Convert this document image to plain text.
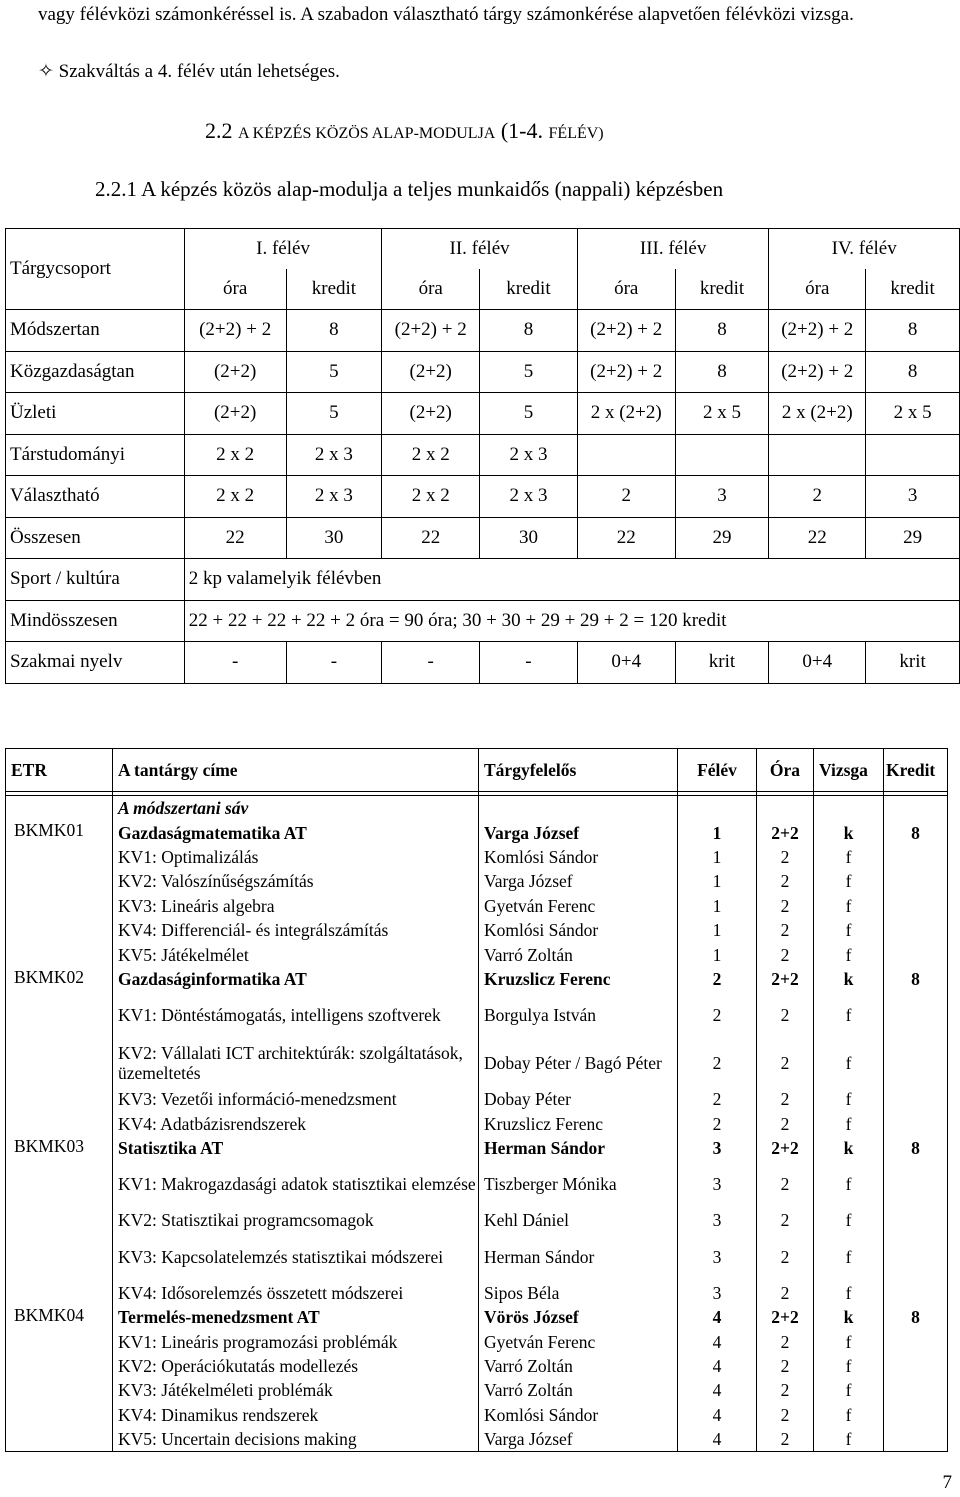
vagy félévközi számonkéréssel is. A szabadon választható tárgy számonkérése alapvetően félévközi vizsga.
✧ Szakváltás a 4. félév után lehetséges.
2.2 A KÉPZÉS KÖZÖS ALAP-MODULJA (1-4. FÉLÉV)
2.2.1 A képzés közös alap-modulja a teljes munkaidős (nappali) képzésben
Tárgycsoport	I. félév		II. félév		III. félév		IV. félév	
	óra	kredit	óra	kredit	óra	kredit	óra	kredit
Módszertan	(2+2) + 2	8	(2+2) + 2	8	(2+2) + 2	8	(2+2) + 2	8
Közgazdaságtan	(2+2)	5	(2+2)	5	(2+2) + 2	8	(2+2) + 2	8
Üzleti	(2+2)	5	(2+2)	5	2 x (2+2)	2 x 5	2 x (2+2)	2 x 5
Társtudományi	2 x 2	2 x 3	2 x 2	2 x 3				
Választható	2 x 2	2 x 3	2 x 2	2 x 3	2	3	2	3
Összesen	22	30	22	30	22	29	22	29
Sport / kultúra	2 kp valamelyik félévben							
Mindösszesen	22 + 22 + 22 + 22 + 2 óra = 90 óra; 30 + 30 + 29 + 29 + 2 = 120 kredit							
Szakmai nyelv	-	-	-	-	0+4	krit	0+4	krit
ETR	A tantárgy címe	Tárgyfelelős	Félév	Óra	Vizsga	Kredit

	A módszertani sáv					
BKMK01	Gazdaságmatematika AT	Varga József	1	2+2	k	8
	KV1: Optimalizálás	Komlósi Sándor	1	2	f	
	KV2: Valószínűségszámítás	Varga József	1	2	f	
	KV3: Lineáris algebra	Gyetván Ferenc	1	2	f	
	KV4: Differenciál- és integrálszámítás	Komlósi Sándor	1	2	f	
	KV5: Játékelmélet	Varró Zoltán	1	2	f	
BKMK02	Gazdaságinformatika AT	Kruzslicz Ferenc	2	2+2	k	8
	KV1: Döntéstámogatás, intelligens szoftverek	Borgulya István	2	2	f	
	KV2: Vállalati ICT architektúrák: szolgáltatások, üzemeltetés	Dobay Péter / Bagó Péter	2	2	f	
	KV3: Vezetői információ-menedzsment	Dobay Péter	2	2	f	
	KV4: Adatbázisrendszerek	Kruzslicz Ferenc	2	2	f	
BKMK03	Statisztika AT	Herman Sándor	3	2+2	k	8
	KV1: Makrogazdasági adatok statisztikai elemzése	Tiszberger Mónika	3	2	f	
	KV2: Statisztikai programcsomagok	Kehl Dániel	3	2	f	
	KV3: Kapcsolatelemzés statisztikai módszerei	Herman Sándor	3	2	f	
	KV4: Idősorelemzés összetett módszerei	Sipos Béla	3	2	f	
BKMK04	Termelés-menedzsment AT	Vörös József	4	2+2	k	8
	KV1: Lineáris programozási problémák	Gyetván Ferenc	4	2	f	
	KV2: Operációkutatás modellezés	Varró Zoltán	4	2	f	
	KV3: Játékelméleti problémák	Varró Zoltán	4	2	f	
	KV4: Dinamikus rendszerek	Komlósi Sándor	4	2	f	
	KV5: Uncertain decisions making	Varga József	4	2	f	
7
